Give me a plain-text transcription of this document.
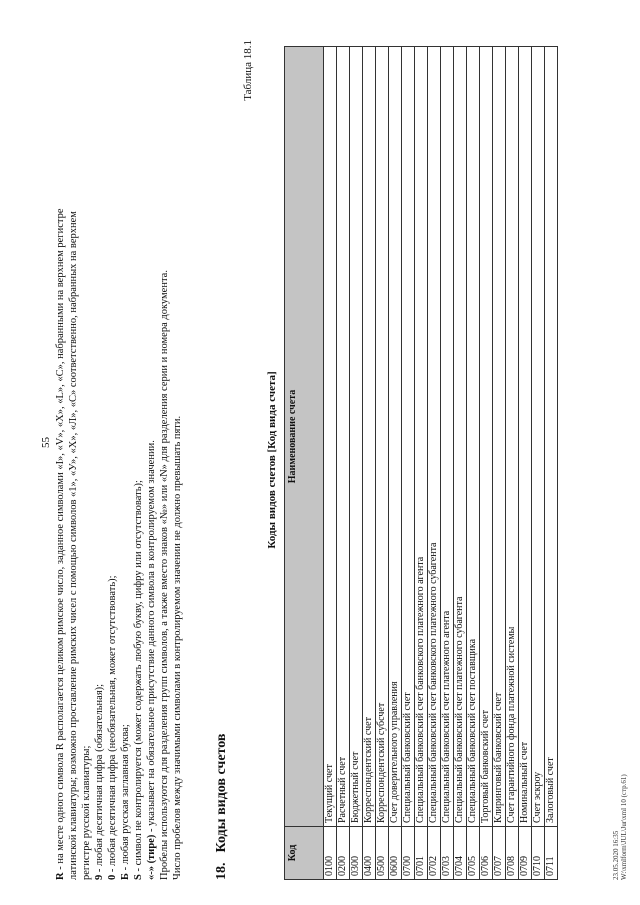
55

R - на месте одного символа R располагается целиком римское число, заданное символами «I», «V», «X», «L», «C», набранными на верхнем регистре латинской клавиатуры; возможно проставление римских чисел с помощью символов «1», «У», «Х», «Л», «С» соответственно, набранных на верхнем регистре русской клавиатуры; 9 - любая десятичная цифра (обязательная);

0 - любая десятичная цифра (необязательная, может отсутствовать);

Б - любая русская заглавная буква;

S - символ не контролируется (может содержать любую букву, цифру или отсутствовать); «-» (тире) - указывает на обязательное присутствие данного символа в контролируемом значении. Пробелы используются для разделения групп символов, а также вместо знаков «№» или «N» для разделения серии и номера документа. Число пробелов между значимыми символами в контролируемом значении не должно превышать пяти. 18.Коды видов счетов
Таблица 18.1
Коды видов счетов [Код вида счета]
Код	Наименование счета
0100	Текущий счет
0200	Расчетный счет
0300	Бюджетный счет
0400	Корреспондентский счет
0500	Корреспондентский субсчет
0600	Счет доверительного управления
0700	Специальный банковский счет
0701	Специальный банковский счет банковского платежного агента
0702	Специальный банковский счет банковского платежного субагента
0703	Специальный банковский счет платежного агента
0704	Специальный банковский счет платежного субагента
0705	Специальный банковский счет поставщика
0706	Торговый банковский счет
0707	Клиринговый банковский счет
0708	Счет гарантийного фонда платежной системы
0709	Номинальный счет
0710	Счет эскроу
0711	Залоговый счет
23.05.2020 16:35 W:\xmlform\JUL\Jur\xml 10 (стр.61)
